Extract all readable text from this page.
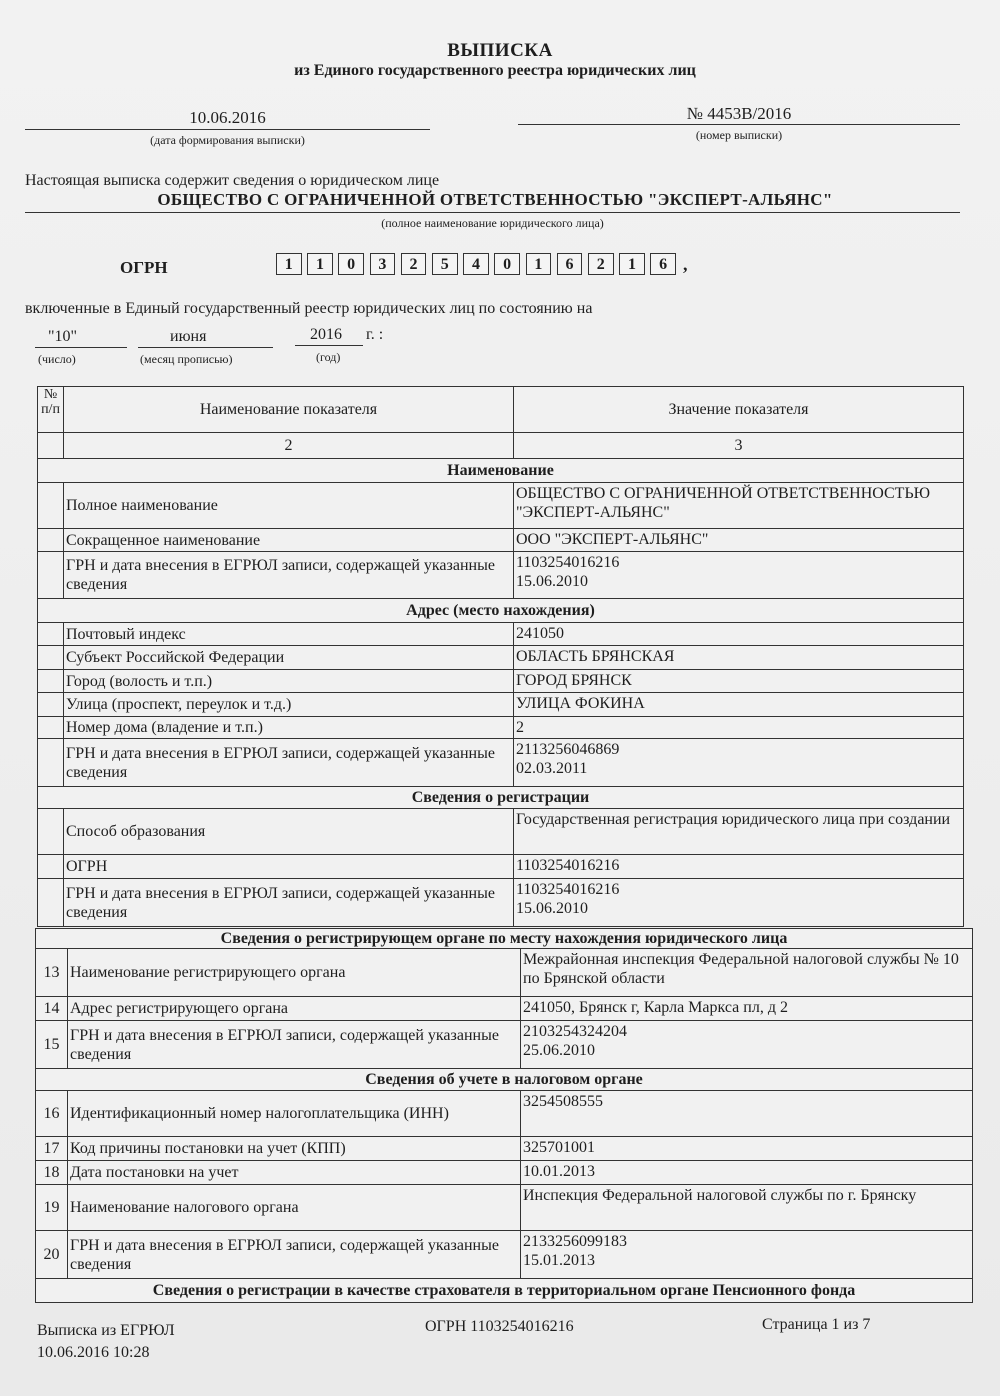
ВЫПИСКА
из Единого государственного реестра юридических лиц
10.06.2016
(дата формирования выписки)
№ 4453В/2016
(номер выписки)
Настоящая выписка содержит сведения о юридическом лице
ОБЩЕСТВО С ОГРАНИЧЕННОЙ ОТВЕТСТВЕННОСТЬЮ "ЭКСПЕРТ-АЛЬЯНС"
(полное наименование юридического лица)
ОГРН	1	1	0	3	2	5	4	0	1	6	2	1	6 ,
включенные в Единый государственный реестр юридических лиц по состоянию на
"10"
(число)
июня
(месяц прописью)
2016 г. :
(год)
№
п/п	Наименование показателя	Значение показателя
	2	3
Наименование		
	Полное наименование	ОБЩЕСТВО С ОГРАНИЧЕННОЙ ОТВЕТСТВЕННОСТЬЮ "ЭКСПЕРТ-АЛЬЯНС"
	Сокращенное наименование	ООО "ЭКСПЕРТ-АЛЬЯНС"
	ГРН и дата внесения в ЕГРЮЛ записи, содержащей указанные сведения	1103254016216
15.06.2010
Адрес (место нахождения)		
	Почтовый индекс	241050
	Субъект Российской Федерации	ОБЛАСТЬ БРЯНСКАЯ
	Город (волость и т.п.)	ГОРОД БРЯНСК
	Улица (проспект, переулок и т.д.)	УЛИЦА ФОКИНА
	Номер дома (владение и т.п.)	2
	ГРН и дата внесения в ЕГРЮЛ записи, содержащей указанные сведения	2113256046869
02.03.2011
Сведения о регистрации		
	Способ образования	Государственная регистрация юридического лица при создании
	ОГРН	1103254016216
	ГРН и дата внесения в ЕГРЮЛ записи, содержащей указанные сведения	1103254016216
15.06.2010
Сведения о регистрирующем органе по месту нахождения юридического лица		
13	Наименование регистрирующего органа	Межрайонная инспекция Федеральной налоговой службы № 10 по Брянской области
14	Адрес регистрирующего органа	241050, Брянск г, Карла Маркса пл, д 2
15	ГРН и дата внесения в ЕГРЮЛ записи, содержащей указанные сведения	2103254324204
25.06.2010
Сведения об учете в налоговом органе		
16	Идентификационный номер налогоплательщика (ИНН)	3254508555
17	Код причины постановки на учет (КПП)	325701001
18	Дата постановки на учет	10.01.2013
19	Наименование налогового органа	Инспекция Федеральной налоговой службы по г. Брянску
20	ГРН и дата внесения в ЕГРЮЛ записи, содержащей указанные сведения	2133256099183
15.01.2013
Сведения о регистрации в качестве страхователя в территориальном органе Пенсионного фонда		
Выписка из ЕГРЮЛ
10.06.2016 10:28
ОГРН 1103254016216	Страница 1 из 7
